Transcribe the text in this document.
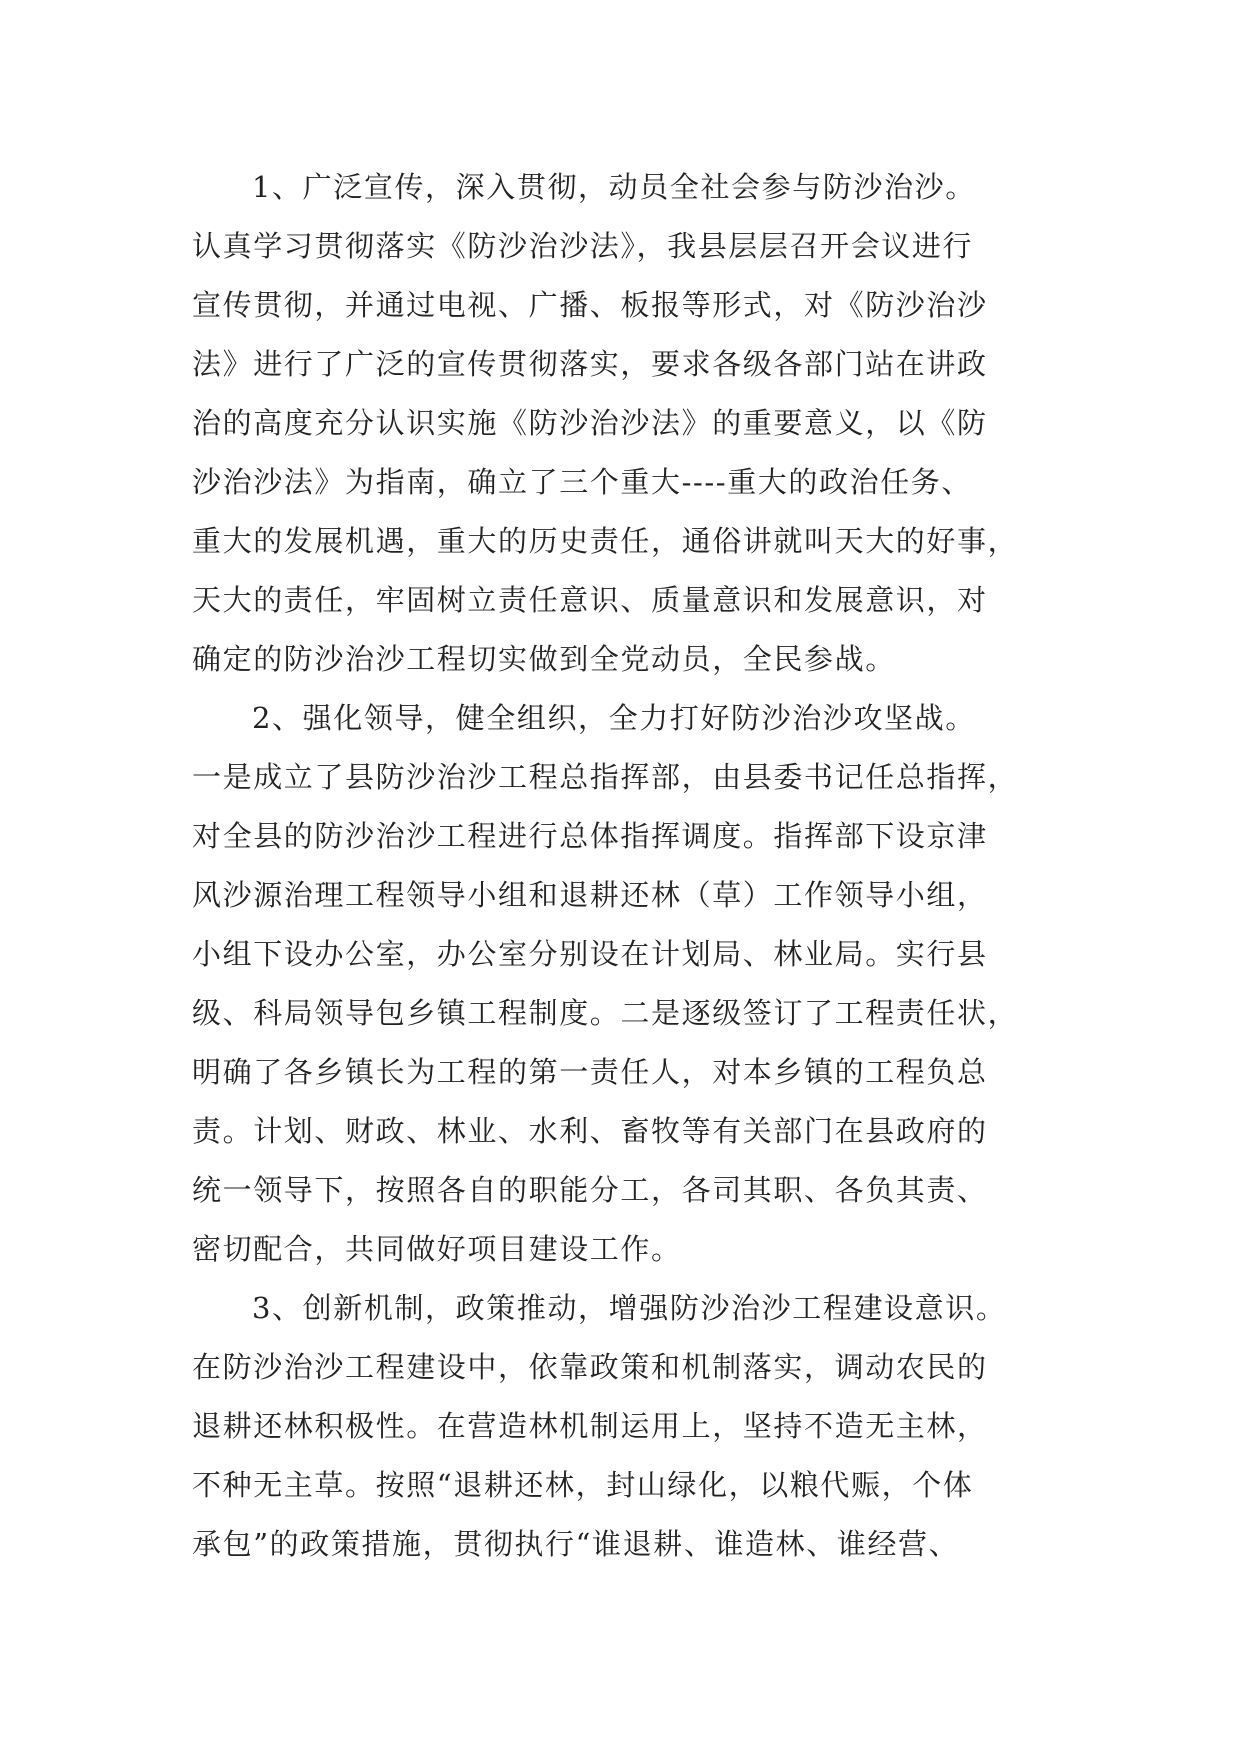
1、广泛宣传，深入贯彻，动员全社会参与防沙治沙。
认真学习贯彻落实《防沙治沙法》，我县层层召开会议进行
宣传贯彻，并通过电视、广播、板报等形式，对《防沙治沙
法》进行了广泛的宣传贯彻落实，要求各级各部门站在讲政
治的高度充分认识实施《防沙治沙法》的重要意义，以《防
沙治沙法》为指南，确立了三个重大----重大的政治任务、
重大的发展机遇，重大的历史责任，通俗讲就叫天大的好事，
天大的责任，牢固树立责任意识、质量意识和发展意识，对
确定的防沙治沙工程切实做到全党动员，全民参战。
2、强化领导，健全组织，全力打好防沙治沙攻坚战。
一是成立了县防沙治沙工程总指挥部，由县委书记任总指挥，
对全县的防沙治沙工程进行总体指挥调度。指挥部下设京津
风沙源治理工程领导小组和退耕还林（草）工作领导小组，
小组下设办公室，办公室分别设在计划局、林业局。实行县
级、科局领导包乡镇工程制度。二是逐级签订了工程责任状，
明确了各乡镇长为工程的第一责任人，对本乡镇的工程负总
责。计划、财政、林业、水利、畜牧等有关部门在县政府的
统一领导下，按照各自的职能分工，各司其职、各负其责、
密切配合，共同做好项目建设工作。
3、创新机制，政策推动，增强防沙治沙工程建设意识。
在防沙治沙工程建设中，依靠政策和机制落实，调动农民的
退耕还林积极性。在营造林机制运用上，坚持不造无主林，
不种无主草。按照“退耕还林，封山绿化，以粮代赈，个体
承包”的政策措施，贯彻执行“谁退耕、谁造林、谁经营、
